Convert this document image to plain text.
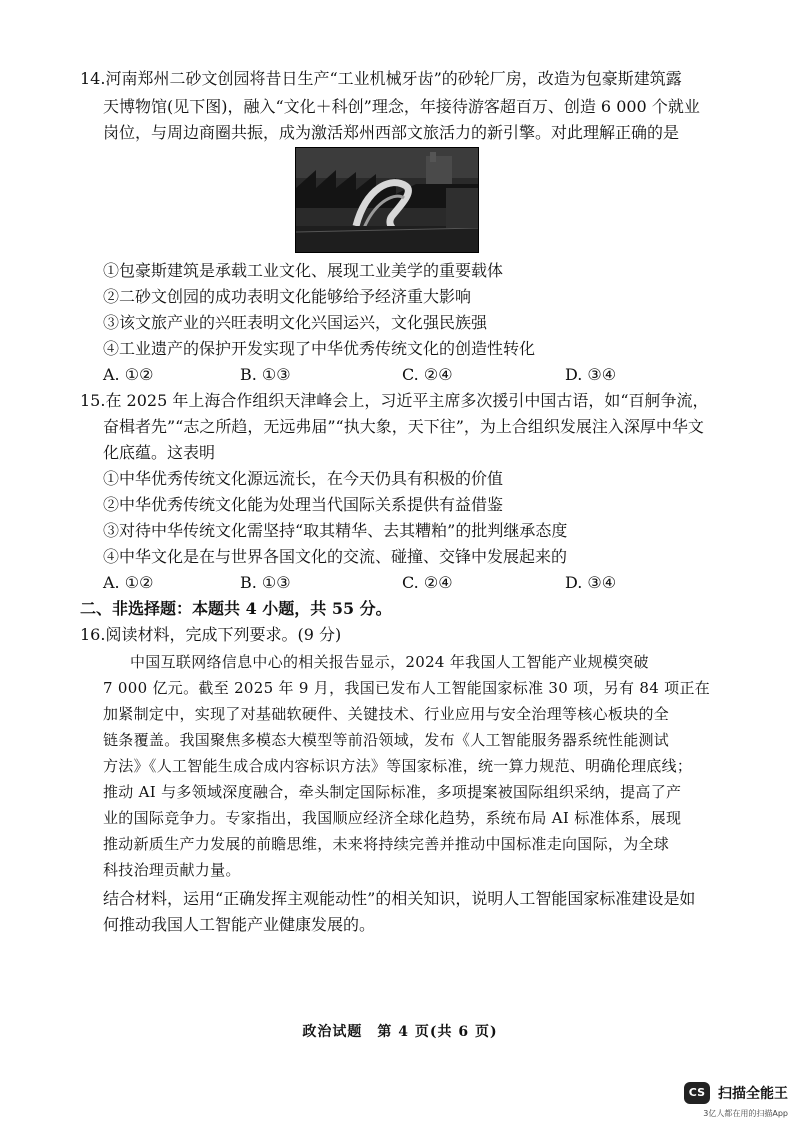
14.河南郑州二砂文创园将昔日生产“工业机械牙齿”的砂轮厂房，改造为包豪斯建筑露
天博物馆(见下图)，融入“文化＋科创”理念，年接待游客超百万、创造 6 000 个就业
岗位，与周边商圈共振，成为激活郑州西部文旅活力的新引擎。对此理解正确的是
①包豪斯建筑是承载工业文化、展现工业美学的重要载体
②二砂文创园的成功表明文化能够给予经济重大影响
③该文旅产业的兴旺表明文化兴国运兴，文化强民族强
④工业遗产的保护开发实现了中华优秀传统文化的创造性转化
A. ①②	B. ①③	C. ②④	D. ③④
15.在 2025 年上海合作组织天津峰会上，习近平主席多次援引中国古语，如“百舸争流，
奋楫者先”“志之所趋，无远弗届”“执大象，天下往”，为上合组织发展注入深厚中华文
化底蕴。这表明
①中华优秀传统文化源远流长，在今天仍具有积极的价值
②中华优秀传统文化能为处理当代国际关系提供有益借鉴
③对待中华传统文化需坚持“取其精华、去其糟粕”的批判继承态度
④中华文化是在与世界各国文化的交流、碰撞、交锋中发展起来的
A. ①②	B. ①③	C. ②④	D. ③④
二、非选择题：本题共 4 小题，共 55 分。
16.阅读材料，完成下列要求。(9 分)
中国互联网络信息中心的相关报告显示，2024 年我国人工智能产业规模突破
7 000 亿元。截至 2025 年 9 月，我国已发布人工智能国家标准 30 项，另有 84 项正在
加紧制定中，实现了对基础软硬件、关键技术、行业应用与安全治理等核心板块的全
链条覆盖。我国聚焦多模态大模型等前沿领域，发布《人工智能服务器系统性能测试
方法》《人工智能生成合成内容标识方法》等国家标准，统一算力规范、明确伦理底线；
推动 AI 与多领域深度融合，牵头制定国际标准，多项提案被国际组织采纳，提高了产
业的国际竞争力。专家指出，我国顺应经济全球化趋势，系统布局 AI 标准体系，展现
推动新质生产力发展的前瞻思维，未来将持续完善并推动中国标准走向国际，为全球
科技治理贡献力量。
结合材料，运用“正确发挥主观能动性”的相关知识，说明人工智能国家标准建设是如
何推动我国人工智能产业健康发展的。
政治试题　第 4 页(共 6 页)
CS 扫描全能王
3亿人都在用的扫描App
